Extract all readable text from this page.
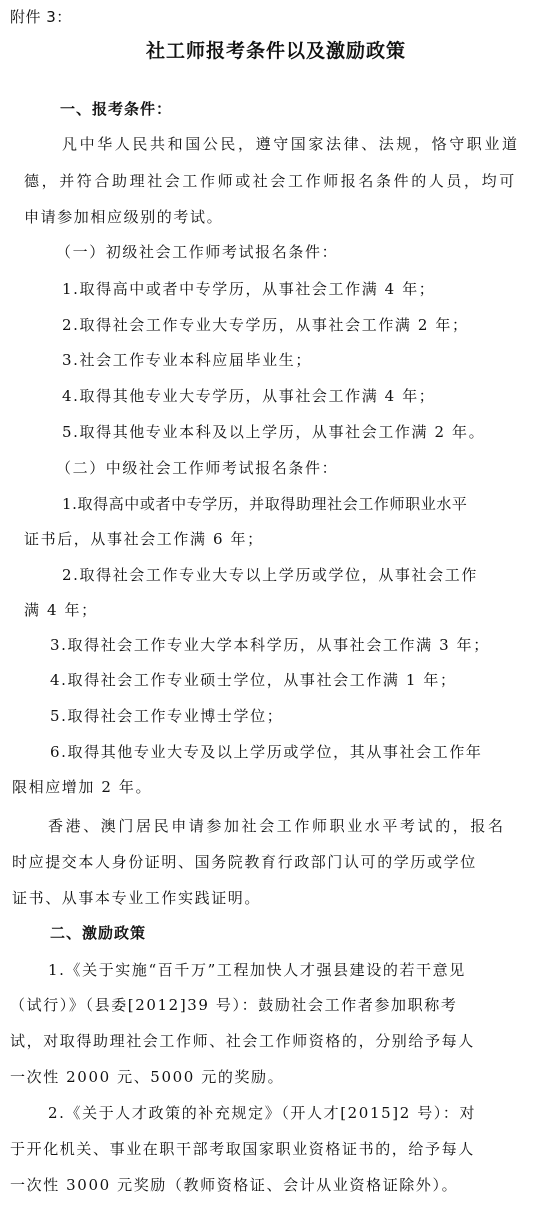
附件 3：
社工师报考条件以及激励政策
一、报考条件：
凡中华人民共和国公民，遵守国家法律、法规，恪守职业道
德，并符合助理社会工作师或社会工作师报名条件的人员，均可
申请参加相应级别的考试。
（一）初级社会工作师考试报名条件：
1.取得高中或者中专学历，从事社会工作满 4 年；
2.取得社会工作专业大专学历，从事社会工作满 2 年；
3.社会工作专业本科应届毕业生；
4.取得其他专业大专学历，从事社会工作满 4 年；
5.取得其他专业本科及以上学历，从事社会工作满 2 年。
（二）中级社会工作师考试报名条件：
1.取得高中或者中专学历，并取得助理社会工作师职业水平
证书后，从事社会工作满 6 年；
2.取得社会工作专业大专以上学历或学位，从事社会工作
满 4 年；
3.取得社会工作专业大学本科学历，从事社会工作满 3 年；
4.取得社会工作专业硕士学位，从事社会工作满 1 年；
5.取得社会工作专业博士学位；
6.取得其他专业大专及以上学历或学位，其从事社会工作年
限相应增加 2 年。
香港、澳门居民申请参加社会工作师职业水平考试的，报名
时应提交本人身份证明、国务院教育行政部门认可的学历或学位
证书、从事本专业工作实践证明。
二、激励政策
1.《关于实施“百千万”工程加快人才强县建设的若干意见
（试行）》（县委[2012]39 号）：鼓励社会工作者参加职称考
试，对取得助理社会工作师、社会工作师资格的，分别给予每人
一次性 2000 元、5000 元的奖励。
2.《关于人才政策的补充规定》（开人才[2015]2 号）：对
于开化机关、事业在职干部考取国家职业资格证书的，给予每人
一次性 3000 元奖励（教师资格证、会计从业资格证除外）。
